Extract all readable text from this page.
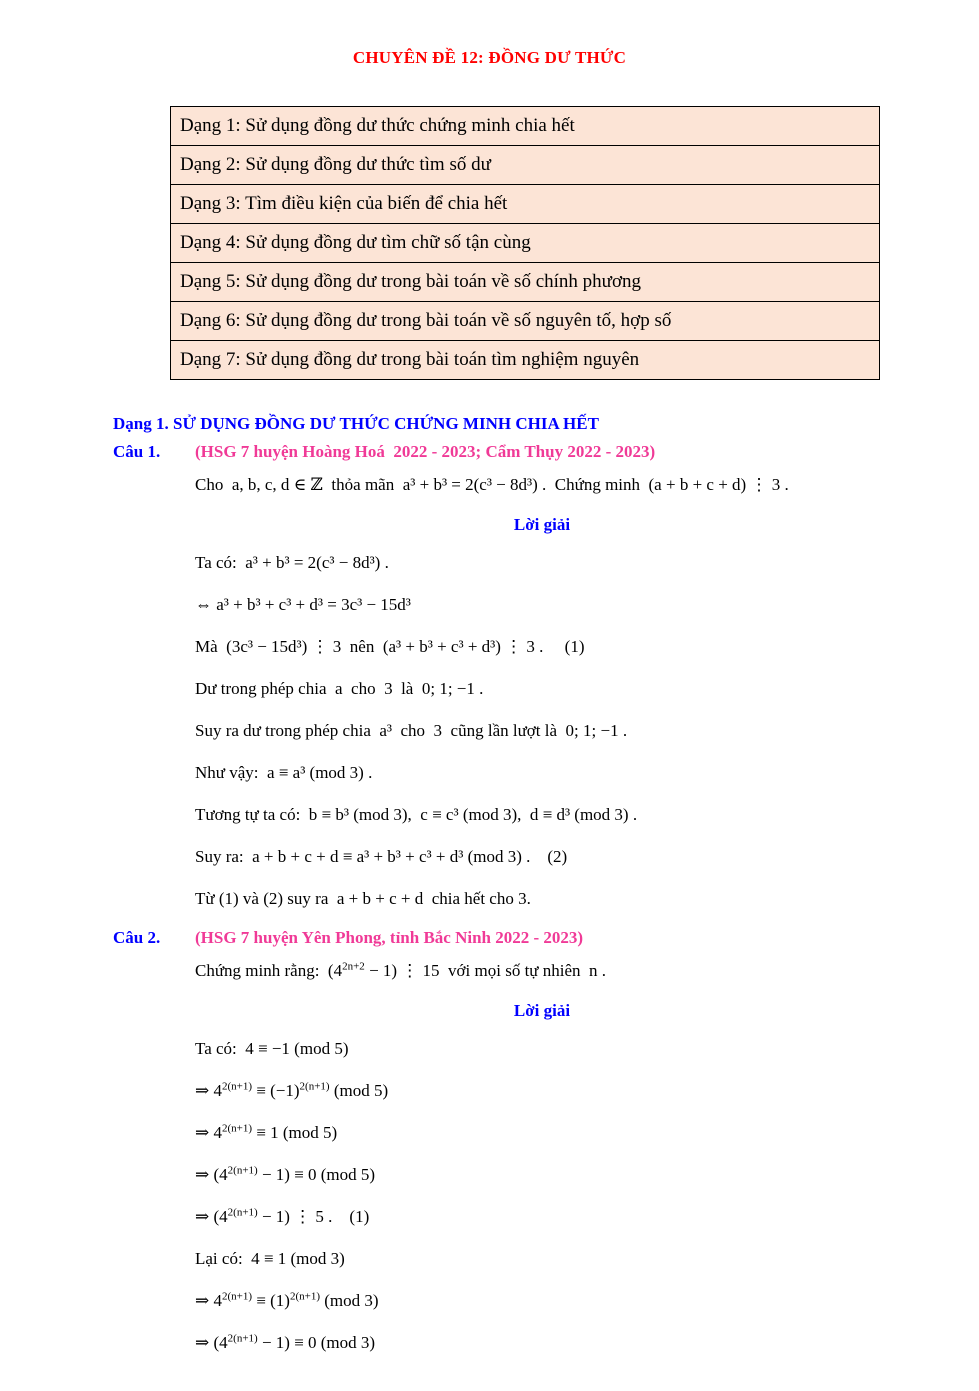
CHUYÊN ĐỀ 12: ĐỒNG DƯ THỨC
Dạng 1: Sử dụng đồng dư thức chứng minh chia hết
Dạng 2: Sử dụng đồng dư thức tìm số dư
Dạng 3: Tìm điều kiện của biến để chia hết
Dạng 4: Sử dụng đồng dư tìm chữ số tận cùng
Dạng 5: Sử dụng đồng dư trong bài toán về số chính phương
Dạng 6: Sử dụng đồng dư trong bài toán về số nguyên tố, hợp số
Dạng 7: Sử dụng đồng dư trong bài toán tìm nghiệm nguyên
Dạng 1. SỬ DỤNG ĐỒNG DƯ THỨC CHỨNG MINH CHIA HẾT
Câu 1.	(HSG 7 huyện Hoàng Hoá  2022 - 2023; Cẩm Thụy 2022 - 2023)

Cho  a, b, c, d ∈ ℤ  thỏa mãn  a³ + b³ = 2(c³ − 8d³) .  Chứng minh  (a + b + c + d) ⋮ 3 .

Lời giải

Ta có:  a³ + b³ = 2(c³ − 8d³) .

⇔ a³ + b³ + c³ + d³ = 3c³ − 15d³

Mà  (3c³ − 15d³) ⋮ 3  nên  (a³ + b³ + c³ + d³) ⋮ 3 .     (1)

Dư trong phép chia  a  cho  3  là  0; 1; −1 .

Suy ra dư trong phép chia  a³  cho  3  cũng lần lượt là  0; 1; −1 .

Như vậy:  a ≡ a³ (mod 3) .

Tương tự ta có:  b ≡ b³ (mod 3),  c ≡ c³ (mod 3),  d ≡ d³ (mod 3) .

Suy ra:  a + b + c + d ≡ a³ + b³ + c³ + d³ (mod 3) .    (2)

Từ (1) và (2) suy ra  a + b + c + d  chia hết cho 3.

Câu 2.	(HSG 7 huyện Yên Phong, tỉnh Bắc Ninh 2022 - 2023)

Chứng minh rằng:  $(4^{2n+2} - 1)$ ⋮ 15  với mọi số tự nhiên  n .

Lời giải

Ta có:  4 ≡ −1 (mod 5)

⇒ $4^{2(n+1)} \equiv (-1)^{2(n+1)}$ (mod 5)

⇒ $4^{2(n+1)} \equiv 1$ (mod 5)

⇒ $(4^{2(n+1)} - 1) \equiv 0$ (mod 5)

⇒ $(4^{2(n+1)} - 1)$ ⋮ 5 .    (1)

Lại có:  4 ≡ 1 (mod 3)

⇒ $4^{2(n+1)} \equiv (1)^{2(n+1)}$ (mod 3)

⇒ $(4^{2(n+1)} - 1) \equiv 0$ (mod 3)
